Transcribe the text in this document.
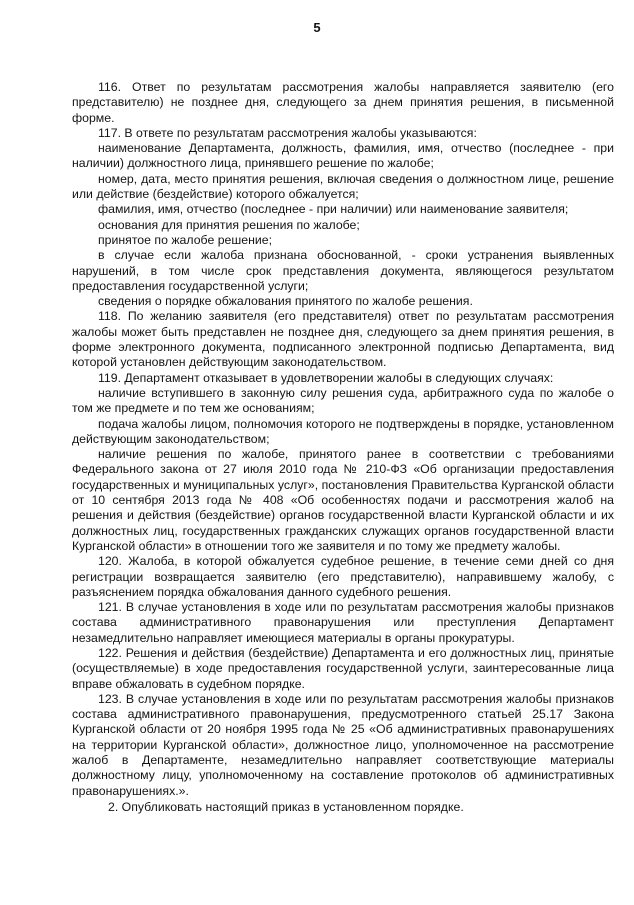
5

116. Ответ по результатам рассмотрения жалобы направляется заявителю (его представителю) не позднее дня, следующего за днем принятия решения, в письменной форме.

117. В ответе по результатам рассмотрения жалобы указываются:

наименование Департамента, должность, фамилия, имя, отчество (последнее - при наличии) должностного лица, принявшего решение по жалобе;

номер, дата, место принятия решения, включая сведения о должностном лице, решение или действие (бездействие) которого обжалуется;

фамилия, имя, отчество (последнее - при наличии) или наименование заявителя;

основания для принятия решения по жалобе;

принятое по жалобе решение;

в случае если жалоба признана обоснованной, - сроки устранения выявленных нарушений, в том числе срок представления документа, являющегося результатом предоставления государственной услуги;

сведения о порядке обжалования принятого по жалобе решения.

118. По желанию заявителя (его представителя) ответ по результатам рассмотрения жалобы может быть представлен не позднее дня, следующего за днем принятия решения, в форме электронного документа, подписанного электронной подписью Департамента, вид которой установлен действующим законодательством.

119. Департамент отказывает в удовлетворении жалобы в следующих случаях:

наличие вступившего в законную силу решения суда, арбитражного суда по жалобе о том же предмете и по тем же основаниям;

подача жалобы лицом, полномочия которого не подтверждены в порядке, установленном действующим законодательством;

наличие решения по жалобе, принятого ранее в соответствии с требованиями Федерального закона от 27 июля 2010 года № 210-ФЗ «Об организации предоставления государственных и муниципальных услуг», постановления Правительства Курганской области от 10 сентября 2013 года № 408 «Об особенностях подачи и рассмотрения жалоб на решения и действия (бездействие) органов государственной власти Курганской области и их должностных лиц, государственных гражданских служащих органов государственной власти Курганской области» в отношении того же заявителя и по тому же предмету жалобы.

120. Жалоба, в которой обжалуется судебное решение, в течение семи дней со дня регистрации возвращается заявителю (его представителю), направившему жалобу, с разъяснением порядка обжалования данного судебного решения.

121. В случае установления в ходе или по результатам рассмотрения жалобы признаков состава административного правонарушения или преступления Департамент незамедлительно направляет имеющиеся материалы в органы прокуратуры.

122. Решения и действия (бездействие) Департамента и его должностных лиц, принятые (осуществляемые) в ходе предоставления государственной услуги, заинтересованные лица вправе обжаловать в судебном порядке.

123. В случае установления в ходе или по результатам рассмотрения жалобы признаков состава административного правонарушения, предусмотренного статьей 25.17 Закона Курганской области от 20 ноября 1995 года № 25 «Об административных правонарушениях на территории Курганской области», должностное лицо, уполномоченное на рассмотрение жалоб в Департаменте, незамедлительно направляет соответствующие материалы должностному лицу, уполномоченному на составление протоколов об административных правонарушениях.».

2. Опубликовать настоящий приказ в установленном порядке.
